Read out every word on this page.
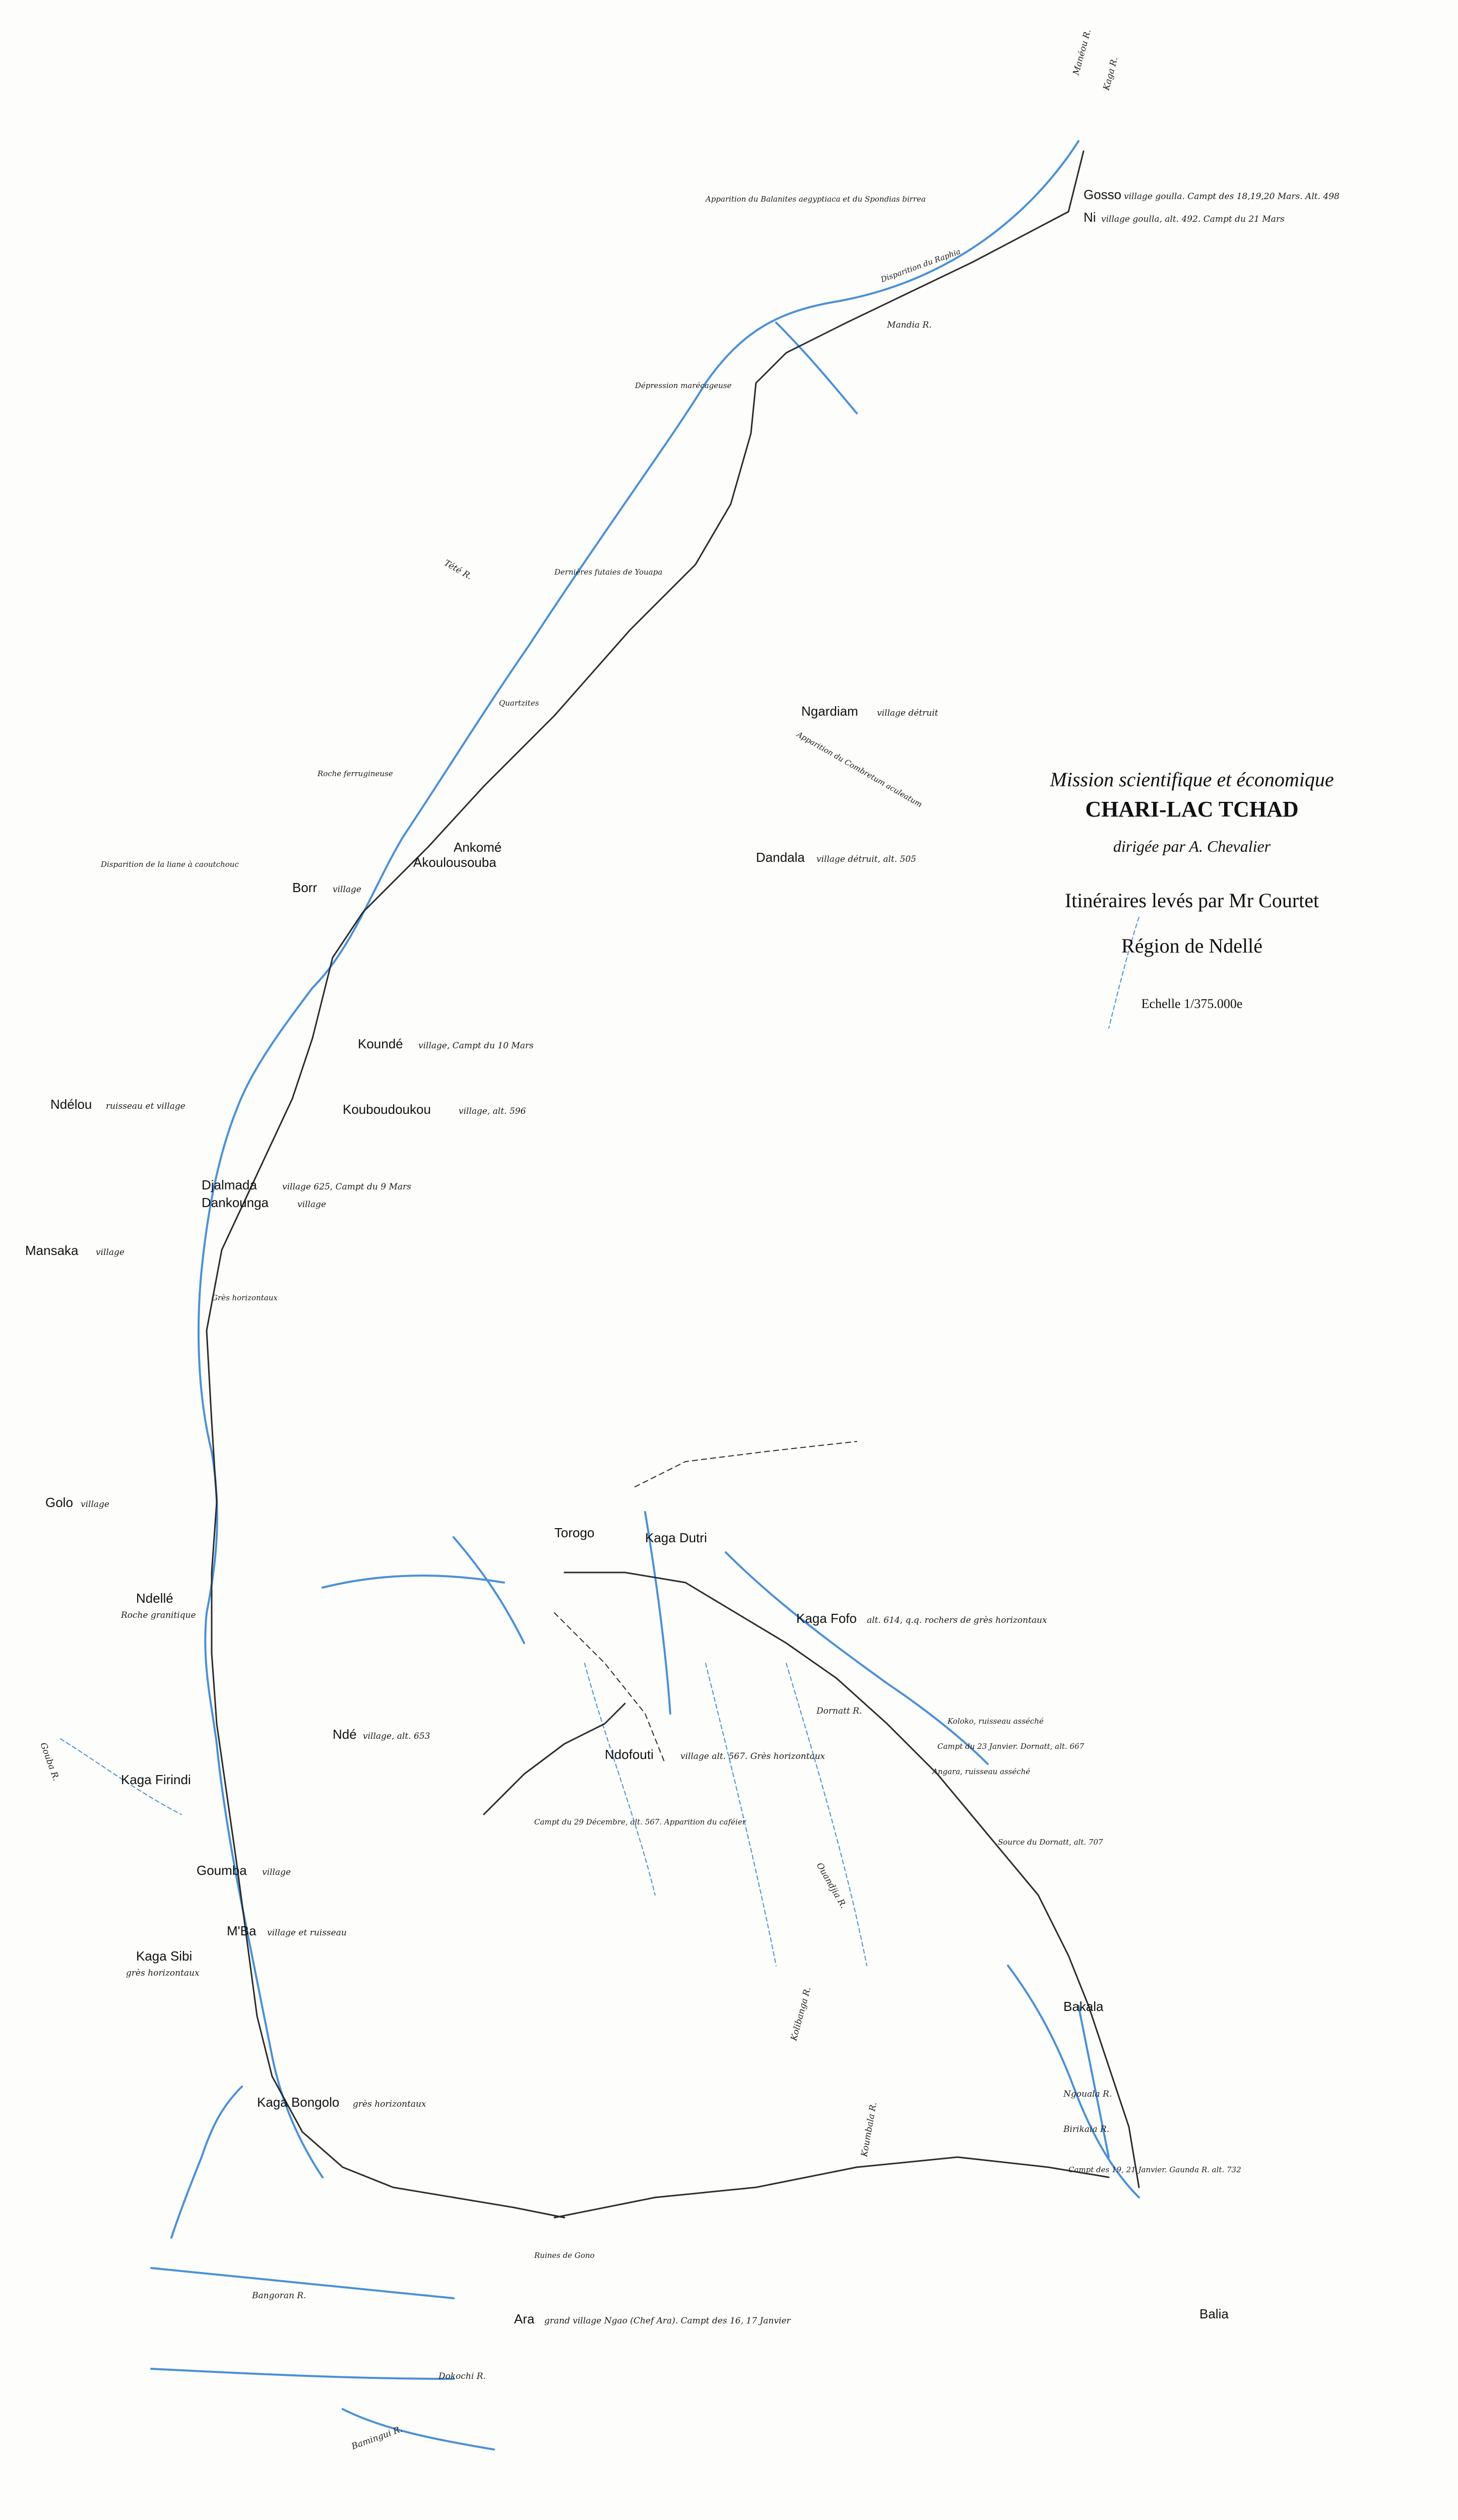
Mission scientifique et économique
CHARI-LAC TCHAD
dirigée par A. Chevalier
Itinéraires levés par Mr Courtet
Région de Ndellé
Echelle 1/375.000e
Gosso village goulla. Campt des 18,19,20 Mars. Alt. 498
Ni village goulla, alt. 492. Campt du 21 Mars
Ngardiam village détruit
Dandala village détruit, alt. 505
Ankomé
Akoulousouba
Borr village
Koundé village, Campt du 10 Mars
Ndélou ruisseau et village	Kouboudoukou	village, alt. 596
Djalmada	village 625, Campt du 9 Mars
Dankounga	village
Mansaka village
Golo village
Ndellé
Roche granitique
Torogo	Kaga Dutri
Kaga Firindi
Ndé village, alt. 653
Ndofouti	village alt. 567. Grès horizontaux
Goumba village
M'Ba village et ruisseau
Kaga Sibi
grès horizontaux
Kaga Bongolo grès horizontaux
Ara grand village Ngao (Chef Ara). Campt des 16, 17 Janvier
Kaga Fofo alt. 614, q.q. rochers de grès horizontaux
Bakala
Balia
Mandia R.
Bangoran R.
Ouandjia R.
Koumbala R.
Dornatt R.
Manéou R. Kaga R.
Tété R.
Dokochi R.
Bamingui R.
Gouba R.
Ngouala R.
Birikaia R.
Kolibanga R.
Apparition du Balanites aegyptiaca et du Spondias birrea
Disparition du Raphia
Dépression marécageuse
Dernières futaies de Youapa
Apparition du Combretum aculeatum
Disparition de la liane à caoutchouc
Roche ferrugineuse
Quartzites
Grès horizontaux
Campt du 29 Décembre, alt. 567. Apparition du caféier
Campt du 23 Janvier. Dornatt, alt. 667
Source du Dornatt, alt. 707
Campt des 19, 21 Janvier. Gaunda R. alt. 732
Ruines de Gono
Koloko, ruisseau asséché
Angara, ruisseau asséché
